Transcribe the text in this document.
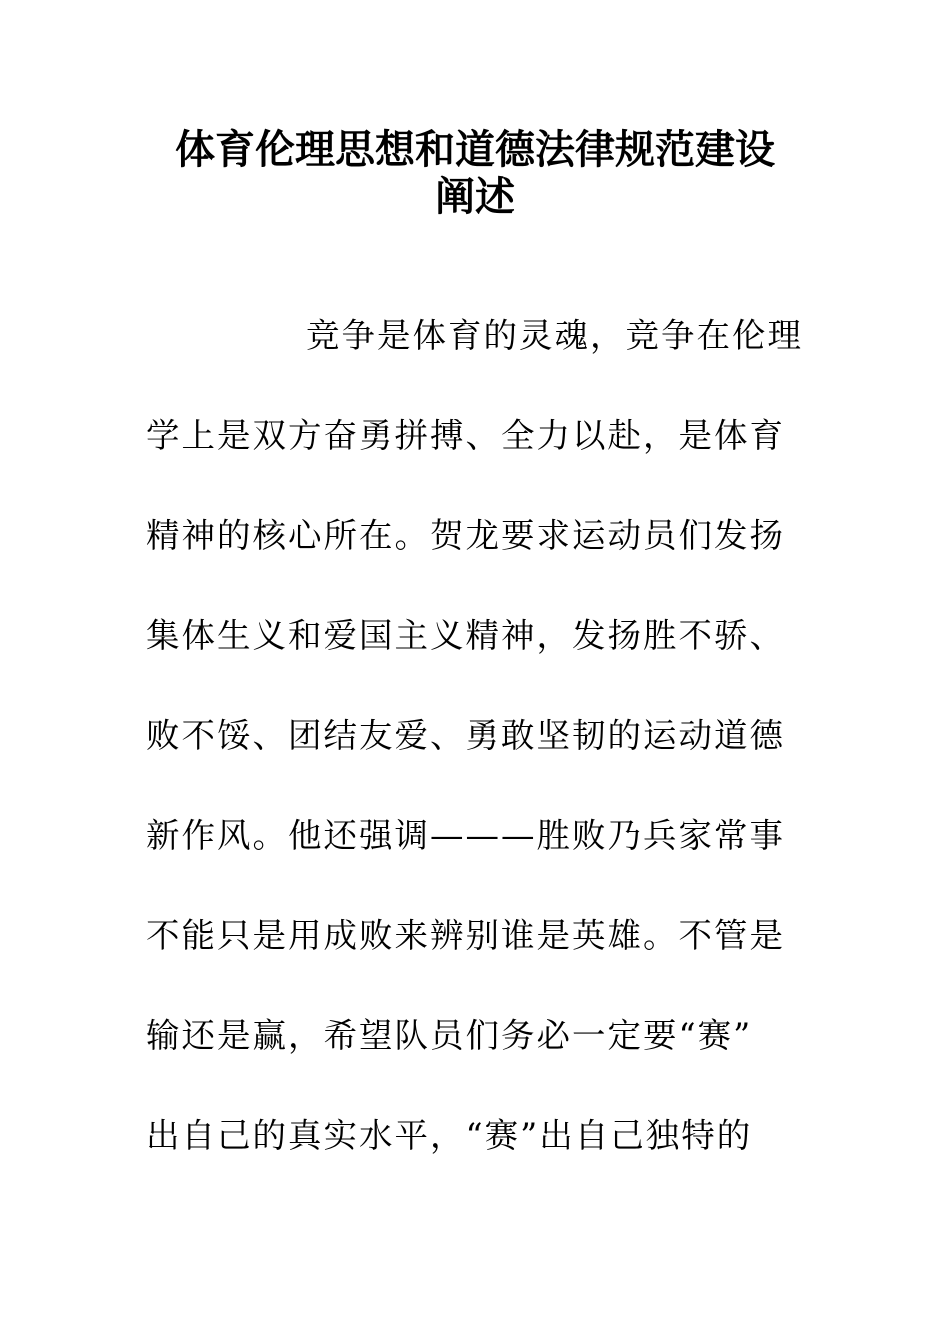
体育伦理思想和道德法律规范建设
阐述

竞争是体育的灵魂，竞争在伦理

学上是双方奋勇拼搏、全力以赴，是体育

精神的核心所在。贺龙要求运动员们发扬

集体生义和爱国主义精神，发扬胜不骄、

败不馁、团结友爱、勇敢坚韧的运动道德

新作风。他还强调———胜败乃兵家常事

不能只是用成败来辨别谁是英雄。不管是

输还是赢，希望队员们务必一定要“赛”

出自己的真实水平，“赛”出自己独特的
